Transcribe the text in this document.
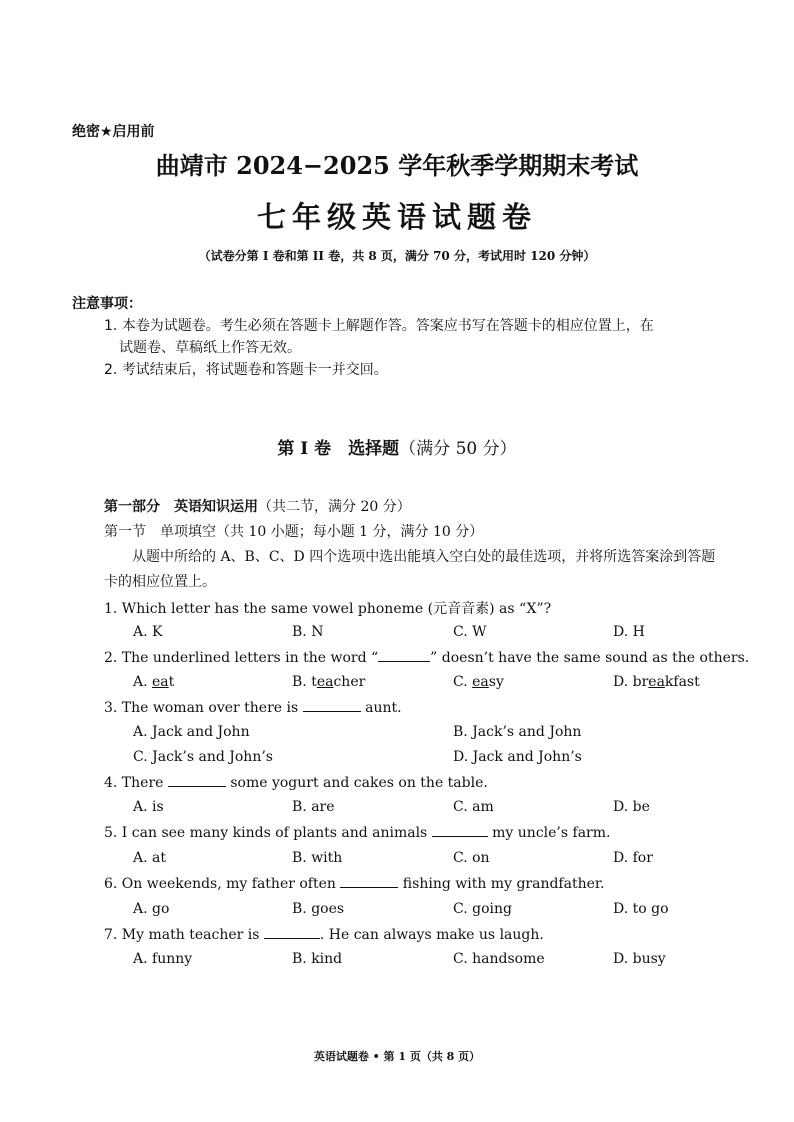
绝密★启用前
曲靖市 2024−2025 学年秋季学期期末考试
七年级英语试题卷
（试卷分第 I 卷和第 II 卷，共 8 页，满分 70 分，考试用时 120 分钟）
注意事项：
1. 本卷为试题卷。考生必须在答题卡上解题作答。答案应书写在答题卡的相应位置上，在
试题卷、草稿纸上作答无效。
2. 考试结束后，将试题卷和答题卡一并交回。
第 I 卷　选择题（满分 50 分）
第一部分　英语知识运用（共二节，满分 20 分）
第一节　单项填空（共 10 小题；每小题 1 分，满分 10 分）
从题中所给的 A、B、C、D 四个选项中选出能填入空白处的最佳选项，并将所选答案涂到答题卡的相应位置上。
1. Which letter has the same vowel phoneme (元音音素) as “X”?
A. K	B. N	C. W	D. H
2. The underlined letters in the word “	” doesn’t have the same sound as the others.
A. eat	B. teacher	C. easy	D. breakfast
3. The woman over there is	aunt.
A. Jack and John	B. Jack’s and John
C. Jack’s and John’s	D. Jack and John’s
4. There	some yogurt and cakes on the table.
A. is	B. are	C. am	D. be
5. I can see many kinds of plants and animals	my uncle’s farm.
A. at	B. with	C. on	D. for
6. On weekends, my father often	fishing with my grandfather.
A. go	B. goes	C. going	D. to go
7. My math teacher is	. He can always make us laugh.
A. funny	B. kind	C. handsome	D. busy
英语试题卷 • 第 1 页（共 8 页）
